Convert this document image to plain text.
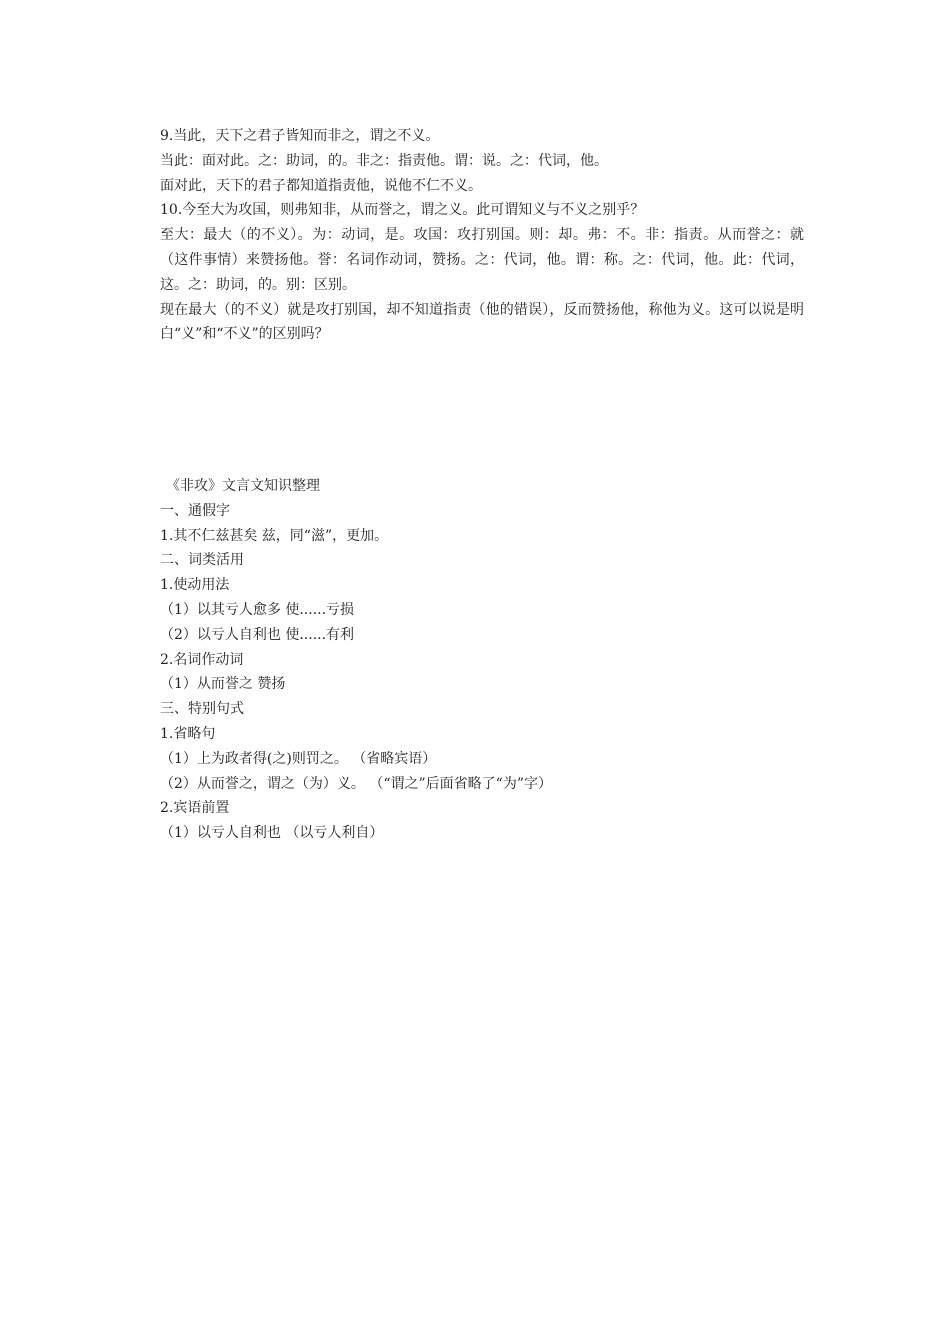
9.当此，天下之君子皆知而非之，谓之不义。

当此：面对此。之：助词，的。非之：指责他。谓：说。之：代词，他。

面对此，天下的君子都知道指责他，说他不仁不义。

10.今至大为攻国，则弗知非，从而誉之，谓之义。此可谓知义与不义之别乎？

至大：最大（的不义）。为：动词，是。攻国：攻打别国。则：却。弗：不。非：指责。从而誉之：就（这件事情）来赞扬他。誉：名词作动词，赞扬。之：代词，他。谓：称。之：代词，他。此：代词，这。之：助词，的。别：区别。

现在最大（的不义）就是攻打别国，却不知道指责（他的错误），反而赞扬他，称他为义。这可以说是明白“义”和“不义”的区别吗？

《非攻》文言文知识整理

一、通假字

1.其不仁兹甚矣 兹，同“滋”，更加。

二、词类活用

1.使动用法

（1）以其亏人愈多 使......亏损

（2）以亏人自利也 使......有利

2.名词作动词

（1）从而誉之 赞扬

三、特别句式

1.省略句

（1）上为政者得(之)则罚之。 （省略宾语）

（2）从而誉之，谓之（为）义。 （“谓之”后面省略了“为”字）

2.宾语前置

（1）以亏人自利也 （以亏人利自）
